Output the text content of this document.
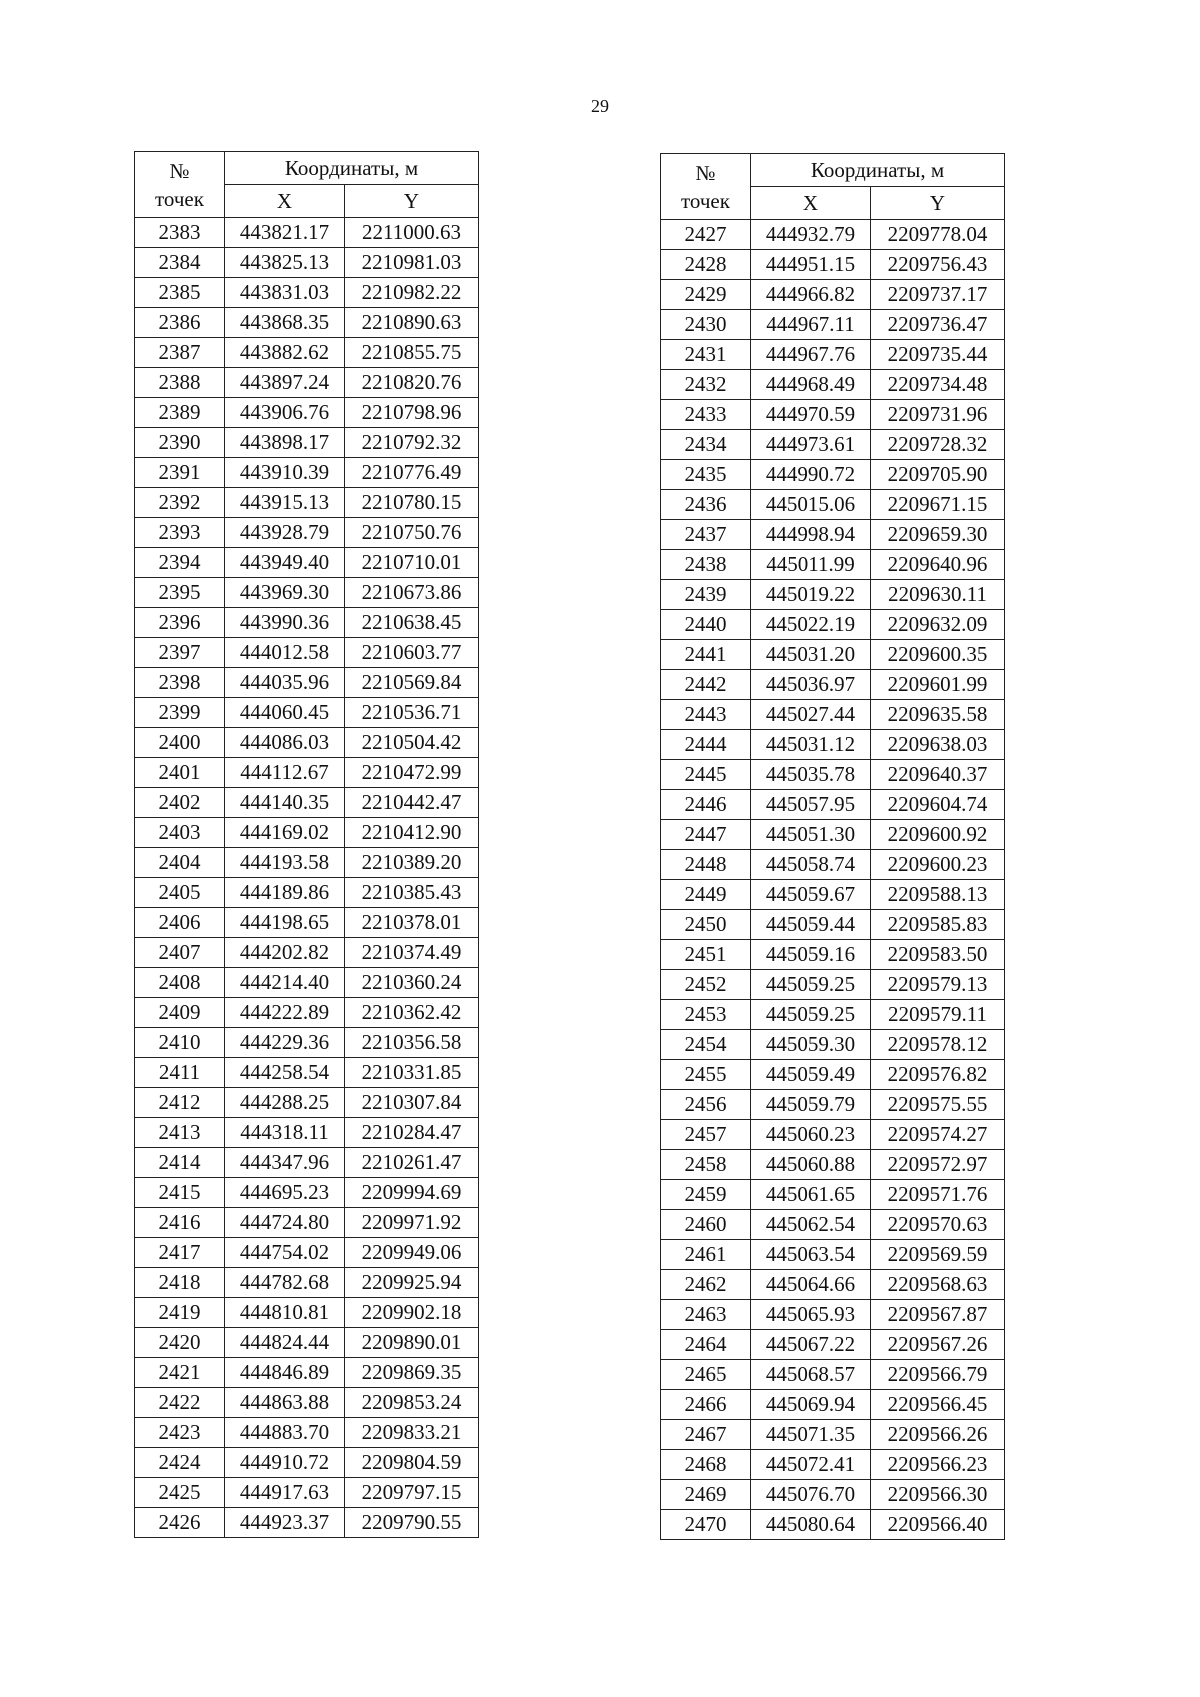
29
№
точек	Координаты, м	
	X	Y
2383	443821.17	2211000.63
2384	443825.13	2210981.03
2385	443831.03	2210982.22
2386	443868.35	2210890.63
2387	443882.62	2210855.75
2388	443897.24	2210820.76
2389	443906.76	2210798.96
2390	443898.17	2210792.32
2391	443910.39	2210776.49
2392	443915.13	2210780.15
2393	443928.79	2210750.76
2394	443949.40	2210710.01
2395	443969.30	2210673.86
2396	443990.36	2210638.45
2397	444012.58	2210603.77
2398	444035.96	2210569.84
2399	444060.45	2210536.71
2400	444086.03	2210504.42
2401	444112.67	2210472.99
2402	444140.35	2210442.47
2403	444169.02	2210412.90
2404	444193.58	2210389.20
2405	444189.86	2210385.43
2406	444198.65	2210378.01
2407	444202.82	2210374.49
2408	444214.40	2210360.24
2409	444222.89	2210362.42
2410	444229.36	2210356.58
2411	444258.54	2210331.85
2412	444288.25	2210307.84
2413	444318.11	2210284.47
2414	444347.96	2210261.47
2415	444695.23	2209994.69
2416	444724.80	2209971.92
2417	444754.02	2209949.06
2418	444782.68	2209925.94
2419	444810.81	2209902.18
2420	444824.44	2209890.01
2421	444846.89	2209869.35
2422	444863.88	2209853.24
2423	444883.70	2209833.21
2424	444910.72	2209804.59
2425	444917.63	2209797.15
2426	444923.37	2209790.55
№
точек	Координаты, м	
	X	Y
2427	444932.79	2209778.04
2428	444951.15	2209756.43
2429	444966.82	2209737.17
2430	444967.11	2209736.47
2431	444967.76	2209735.44
2432	444968.49	2209734.48
2433	444970.59	2209731.96
2434	444973.61	2209728.32
2435	444990.72	2209705.90
2436	445015.06	2209671.15
2437	444998.94	2209659.30
2438	445011.99	2209640.96
2439	445019.22	2209630.11
2440	445022.19	2209632.09
2441	445031.20	2209600.35
2442	445036.97	2209601.99
2443	445027.44	2209635.58
2444	445031.12	2209638.03
2445	445035.78	2209640.37
2446	445057.95	2209604.74
2447	445051.30	2209600.92
2448	445058.74	2209600.23
2449	445059.67	2209588.13
2450	445059.44	2209585.83
2451	445059.16	2209583.50
2452	445059.25	2209579.13
2453	445059.25	2209579.11
2454	445059.30	2209578.12
2455	445059.49	2209576.82
2456	445059.79	2209575.55
2457	445060.23	2209574.27
2458	445060.88	2209572.97
2459	445061.65	2209571.76
2460	445062.54	2209570.63
2461	445063.54	2209569.59
2462	445064.66	2209568.63
2463	445065.93	2209567.87
2464	445067.22	2209567.26
2465	445068.57	2209566.79
2466	445069.94	2209566.45
2467	445071.35	2209566.26
2468	445072.41	2209566.23
2469	445076.70	2209566.30
2470	445080.64	2209566.40
